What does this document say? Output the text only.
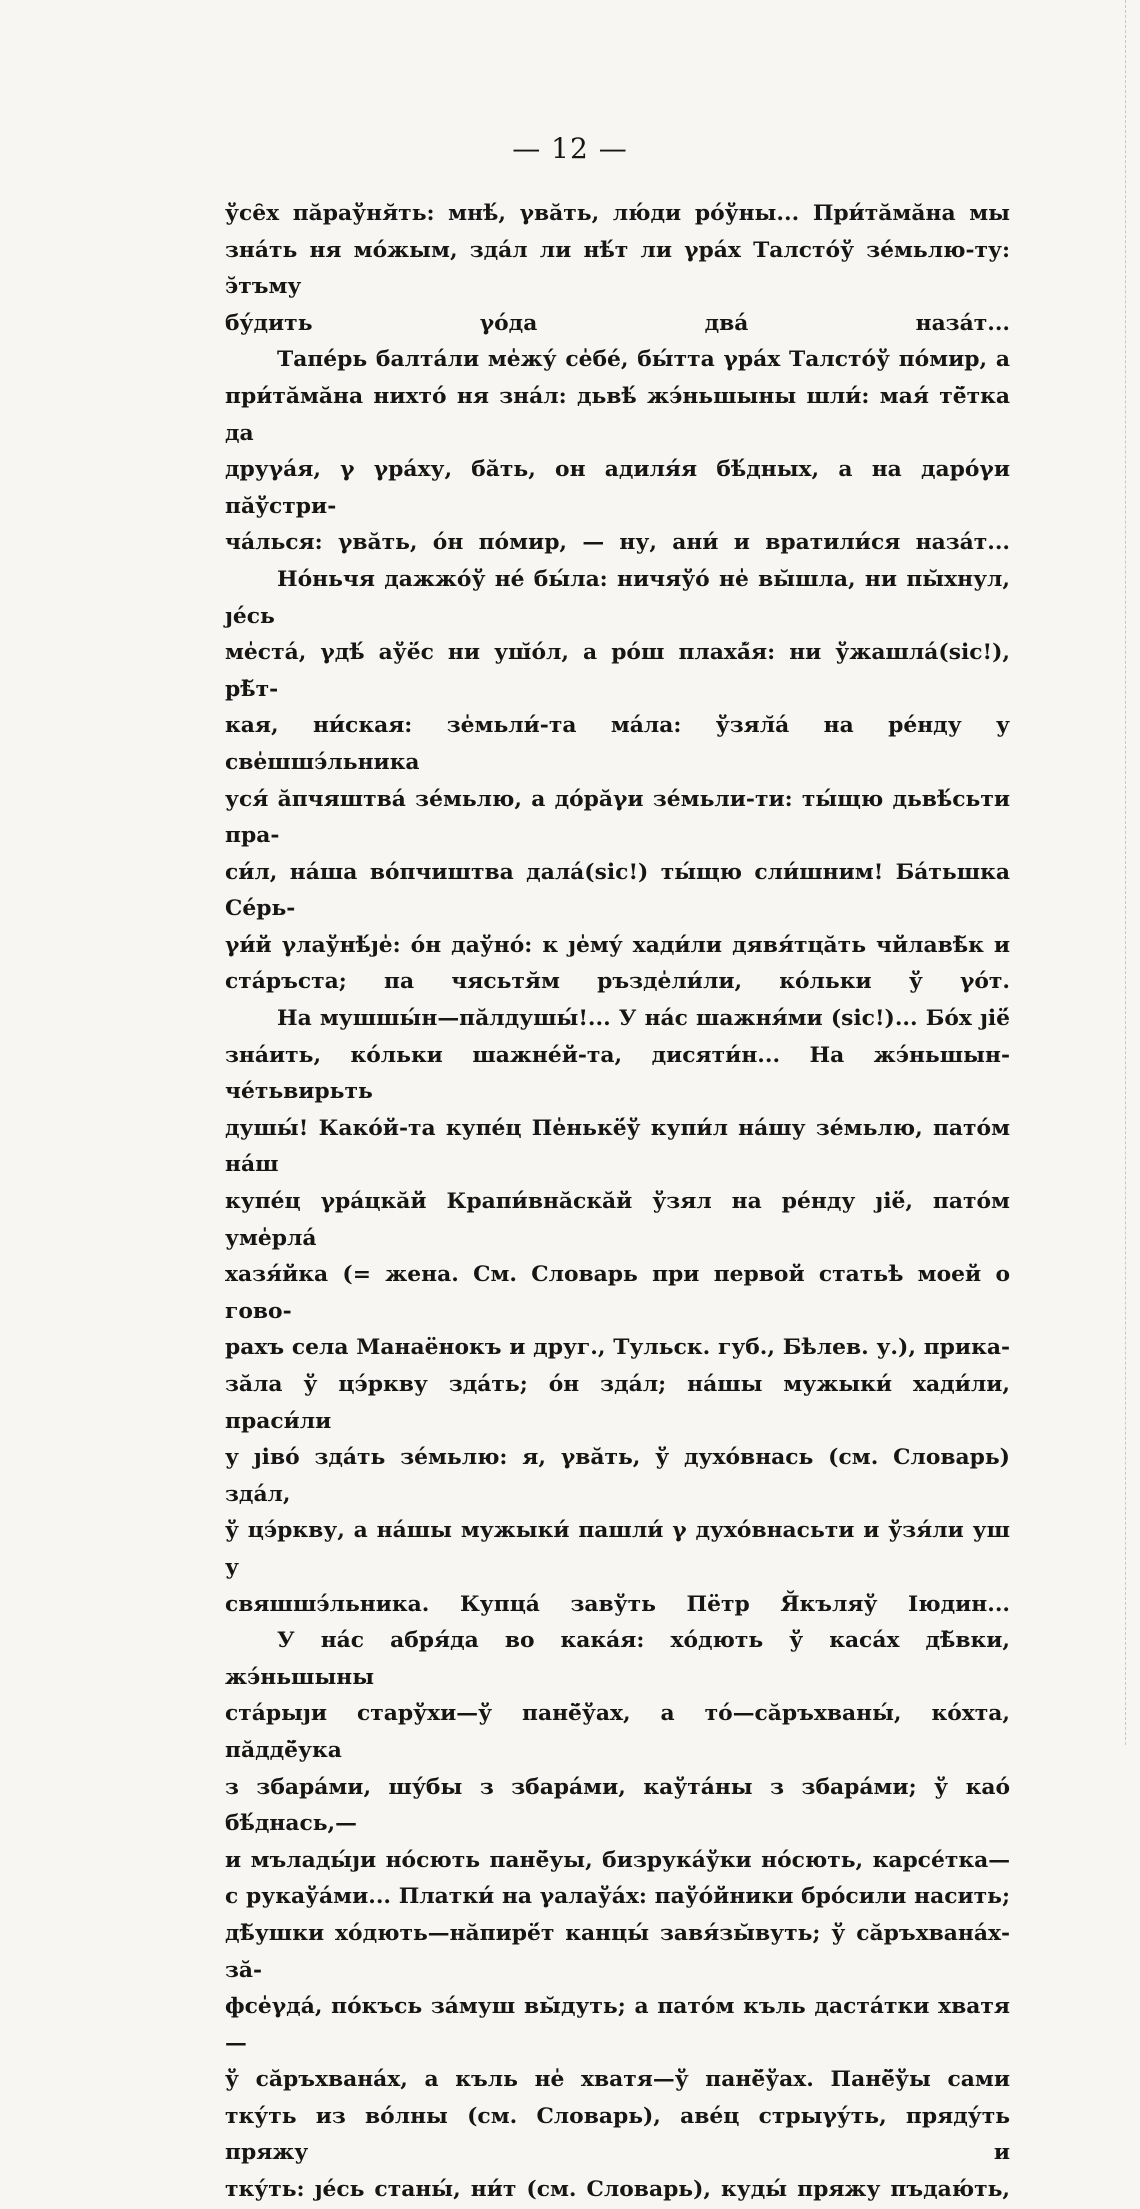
— 12 —

ўсе̑х пӑраўня̆ть: мнѣ́, γвӑть, лю́ди ро́ўны... При́тӑмӑна мы
зна́ть ня мо́жым, зда́л ли нѣ́т ли γра́х Талсто́ў зе́мьлю-ту: э̆тъму
бу́дить γо́да два́ назáт...

Тапе́рь балта́ли ме̍жу́ се̍бе́, бы́тта γра́х Талсто́ў по́мир, а
при́тӑмӑна нихто́ ня зна́л: дьвѣ́ жэ́ньшыны шли́: мая́ тё̆тка да
друγа́я, γ γра́ху, бӑть, он адиля́я бѣ́дных, а на даро́γи пӑўстри-
ча́лься: γвӑть, о́н по́мир, — ну, ани́ и вратили́ся наза́т...

Но́ньчя дажжо́ў не́ бы́ла: ничяўо́ не̍ вы̆шла, ни пы̆хнул, ȷе́сь
ме̍ста́, γдѣ́ аўё́с ни уш̆о́л, а ро́ш плахá̆я: ни ўжашла́(sic!), рѣ̆т-
кая, ни́ская: зе̍мьли́-та ма́ла: ўзял̆а́ на ре́нду у све̍шшэ́льника
уся́ ӑпчяштва́ зе́мьлю, а до́рӑγи зе́мьли-ти: ты́щю дьвѣ́сьти пра-
си́л, на́ша во́пчиштва дала́(sic!) ты́щю сли́шним! Ба́тьшка Се́рь-
γи́й γлаўнѣ́ȷе̍: о́н даўно́: к ȷе̍му́ хади́ли дявя́тцӑть чйлавѣ̆к и
ста́ръста; па чясьтя̆м ръзде̍ли́ли, ко́льки ў γо́т.

На мушшы́н—пӑлдушы́!... У на́с шажня́ми (sic!)... Бо́х ȷiё́
зна́ить, ко́льки шажне́й-та, дисяти́н... На жэ́ньшын-че́тьвирьть
душы́! Како́й-та купе́ц Пе̍нькё́ў купи́л на́шу зе́мьлю, пато́м на́ш
купе́ц γра́цкӑй Крапи́внӑскӑй ўзял на ре́нду ȷiё́, пато́м уме̍рла́
хазя́йка (= жена. См. Словарь при первой статьѣ моей о гово-
рахъ села Манаёнокъ и друг., Тульск. губ., Бѣлев. у.), прика-
зӑла ў цэ́ркву зда́ть; о́н зда́л; на́шы мужыки́ хади́ли, праси́ли
у ȷiво́ зда́ть зе́мьлю: я, γвӑть, ў духо́внась (см. Словарь) зда́л,
ў цэ́ркву, а на́шы мужыки́ пашли́ γ духо́внасьти и ўзя́ли уш у
свяшшэ́льника. Купца́ завўть Пётр Я̆къляў Іюдин...

У на́с абря́да во кака́я: хо́дють ў каса́х дѣ̆вки, жэ́ньшыны
ста́рыȷи старўхи—ў панё̆ўах, а то́—сӑръхваны́, ко́хта, пӑддё̆ука
з збара́ми, шу́бы з збара́ми, каўта́ны з збара́ми; ў као́ бѣ́днась,—
и мълады́ȷи но́сють панё̆уы, бизрука́ўки но́сють, карсе́тка—
с рукаўа́ми... Платки́ на γалаўа́х: паўо́йники бро́сили насить;
дѣ̆ушки хо́дють—нӑпирё́т канцы́ завя́зы̆вуть; ў сӑръхвана́х-зӑ-
фсе̍γда́, по́късь за́муш вы̆дуть; а пато́м къль даста́тки хватя—
ў сӑръхвана́х, а къль не̍ хватя—ў панё̆ўах. Панё̆ўы сами
тку́ть из во́лны (см. Словарь), аве́ц стрыγу́ть, пряду́ть пряжу и
тку́ть: ȷе́сь станы́, ни́т (см. Словарь), куды́ пряжу пъдаю́ть,
